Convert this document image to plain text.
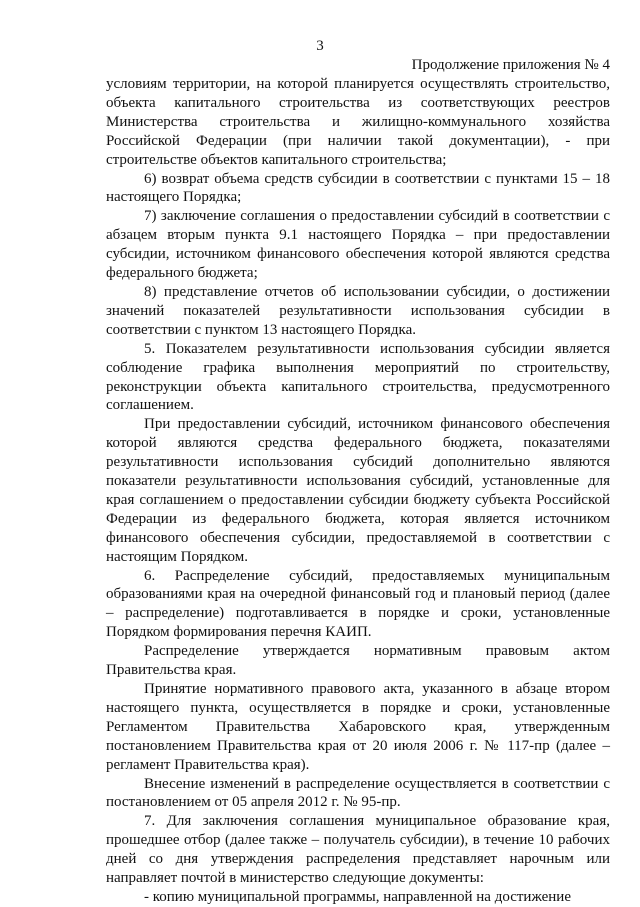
3
Продолжение приложения № 4

условиям территории, на которой планируется осуществлять строительство, объекта капитального строительства из соответствующих реестров Министерства строительства и жилищно-коммунального хозяйства Российской Федерации (при наличии такой документации), - при строительстве объектов капитального строительства;

6) возврат объема средств субсидии в соответствии с пунктами 15 – 18 настоящего Порядка;

7) заключение соглашения о предоставлении субсидий в соответствии с абзацем вторым пункта 9.1 настоящего Порядка – при предоставлении субсидии, источником финансового обеспечения которой являются средства федерального бюджета;

8) представление отчетов об использовании субсидии, о достижении значений показателей результативности использования субсидии в соответствии с пунктом 13 настоящего Порядка.

5. Показателем результативности использования субсидии является соблюдение графика выполнения мероприятий по строительству, реконструкции объекта капитального строительства, предусмотренного соглашением.

При предоставлении субсидий, источником финансового обеспечения которой являются средства федерального бюджета, показателями результативности использования субсидий дополнительно являются показатели результативности использования субсидий, установленные для края соглашением о предоставлении субсидии бюджету субъекта Российской Федерации из федерального бюджета, которая является источником финансового обеспечения субсидии, предоставляемой в соответствии с настоящим Порядком.

6. Распределение субсидий, предоставляемых муниципальным образованиями края на очередной финансовый год и плановый период (далее – распределение) подготавливается в порядке и сроки, установленные Порядком формирования перечня КАИП.

Распределение утверждается нормативным правовым актом Правительства края.

Принятие нормативного правового акта, указанного в абзаце втором настоящего пункта, осуществляется в порядке и сроки, установленные Регламентом Правительства Хабаровского края, утвержденным постановлением Правительства края от 20 июля 2006 г. № 117-пр (далее – регламент Правительства края).

Внесение изменений в распределение осуществляется в соответствии с постановлением от 05 апреля 2012 г. № 95-пр.

7. Для заключения соглашения муниципальное образование края, прошедшее отбор (далее также – получатель субсидии), в течение 10 рабочих дней со дня утверждения распределения представляет нарочным или направляет почтой в министерство следующие документы:

- копию муниципальной программы, направленной на достижение
